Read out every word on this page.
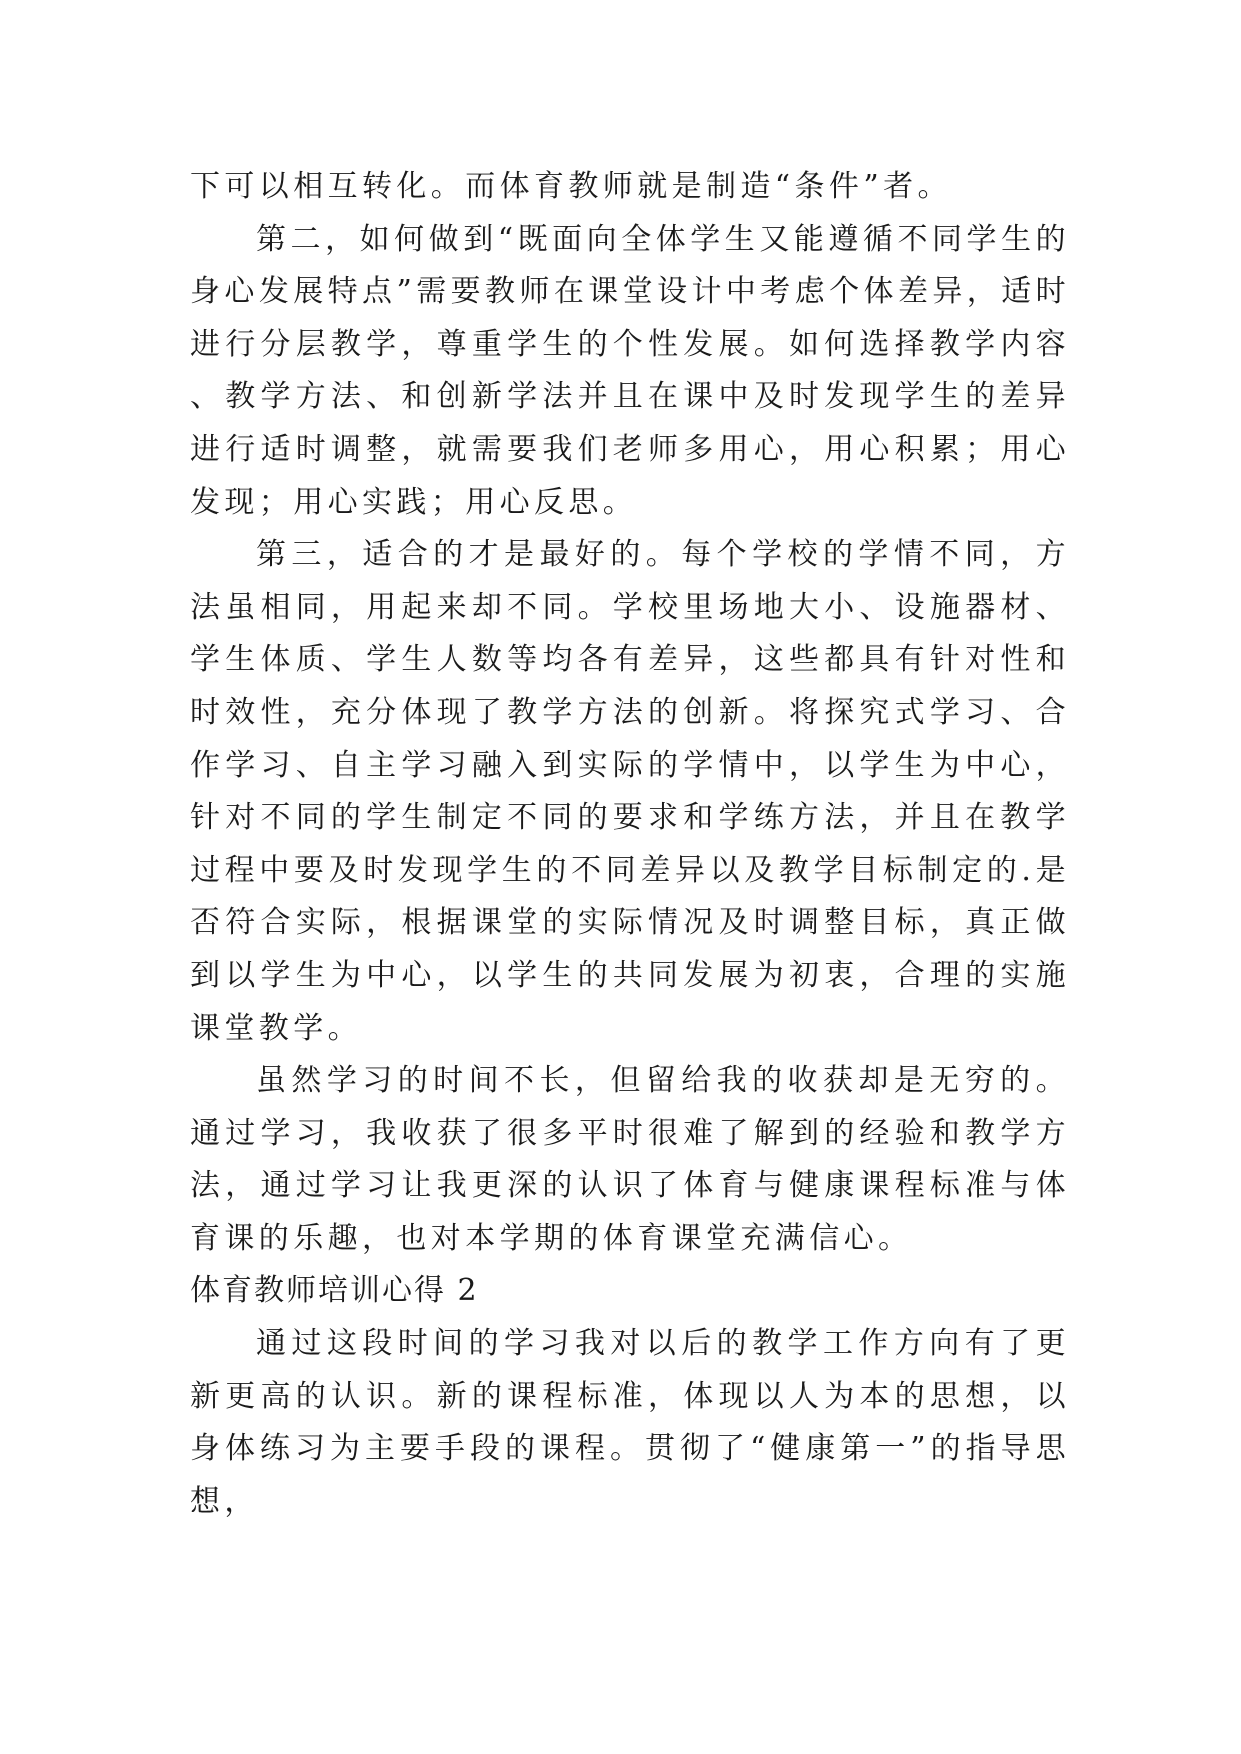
下可以相互转化。而体育教师就是制造“条件”者。

第二，如何做到“既面向全体学生又能遵循不同学生的身心发展特点”需要教师在课堂设计中考虑个体差异，适时进行分层教学，尊重学生的个性发展。如何选择教学内容、教学方法、和创新学法并且在课中及时发现学生的差异进行适时调整，就需要我们老师多用心，用心积累；用心发现；用心实践；用心反思。

第三，适合的才是最好的。每个学校的学情不同，方法虽相同，用起来却不同。学校里场地大小、设施器材、学生体质、学生人数等均各有差异，这些都具有针对性和时效性，充分体现了教学方法的创新。将探究式学习、合作学习、自主学习融入到实际的学情中，以学生为中心，针对不同的学生制定不同的要求和学练方法，并且在教学过程中要及时发现学生的不同差异以及教学目标制定的.是否符合实际，根据课堂的实际情况及时调整目标，真正做到以学生为中心，以学生的共同发展为初衷，合理的实施课堂教学。

虽然学习的时间不长，但留给我的收获却是无穷的。通过学习，我收获了很多平时很难了解到的经验和教学方法，通过学习让我更深的认识了体育与健康课程标准与体育课的乐趣，也对本学期的体育课堂充满信心。

体育教师培训心得 2

通过这段时间的学习我对以后的教学工作方向有了更新更高的认识。新的课程标准，体现以人为本的思想，以身体练习为主要手段的课程。贯彻了“健康第一”的指导思想，
